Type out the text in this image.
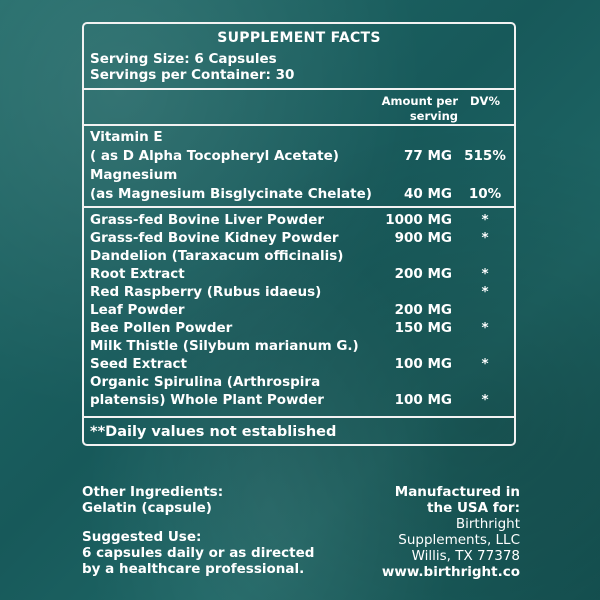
SUPPLEMENT FACTS
Serving Size: 6 Capsules
Servings per Container: 30
Amount per
serving
DV%
Vitamin E
( as D Alpha Tocopheryl Acetate)	77 MG 515%
Magnesium
(as Magnesium Bisglycinate Chelate) 40 MG	10%
Grass-fed Bovine Liver Powder	1000 MG	*
Grass-fed Bovine Kidney Powder	900 MG	*
Dandelion (Taraxacum officinalis)
Root Extract	200 MG	*
Red Raspberry (Rubus idaeus)	*
Leaf Powder	200 MG
Bee Pollen Powder	150 MG	*
Milk Thistle (Silybum marianum G.)
Seed Extract	100 MG	*
Organic Spirulina (Arthrospira
platensis) Whole Plant Powder	100 MG	*
**Daily values not established
Other Ingredients:
Gelatin (capsule)
Suggested Use:
6 capsules daily or as directed
by a healthcare professional.
Manufactured in
the USA for:
Birthright
Supplements, LLC
Willis, TX 77378
www.birthright.co
